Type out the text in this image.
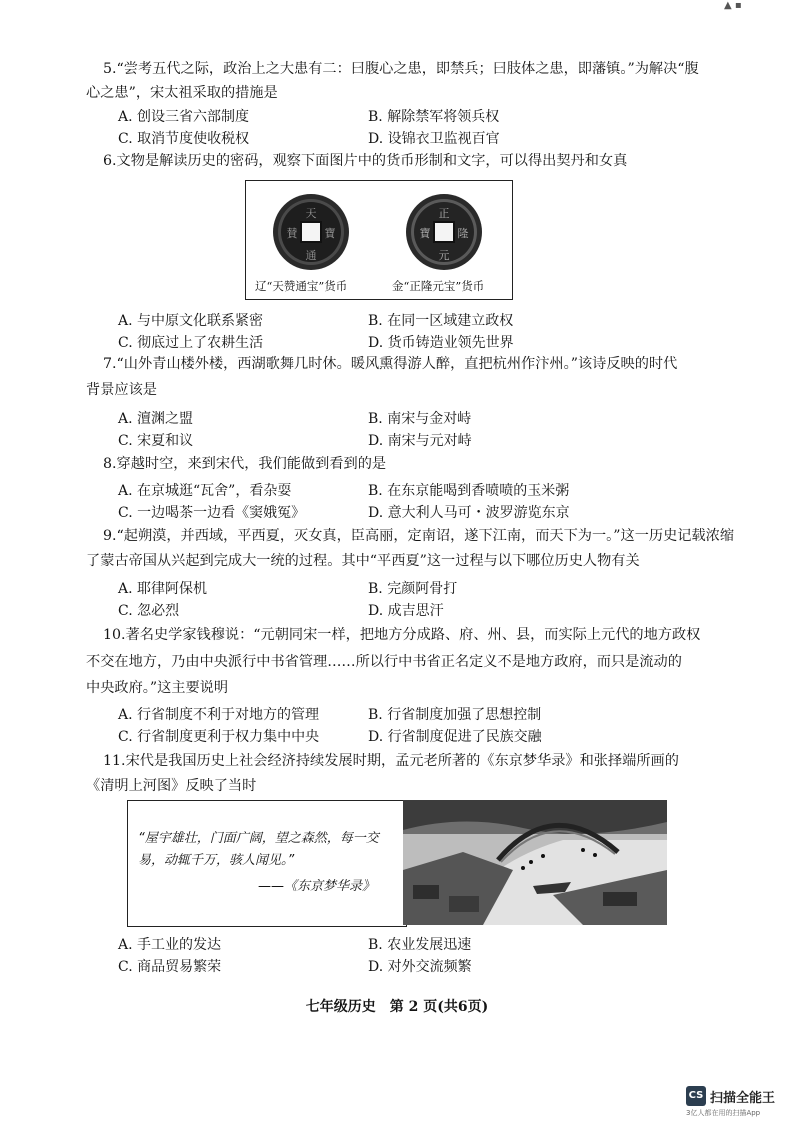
▲ ▪
5.“尝考五代之际，政治上之大患有二：曰腹心之患，即禁兵；曰肢体之患，即藩镇。”为解决“腹
心之患”，宋太祖采取的措施是
A. 创设三省六部制度	B. 解除禁军将领兵权
C. 取消节度使收税权	D. 设锦衣卫监视百官
6.文物是解读历史的密码，观察下面图片中的货币形制和文字，可以得出契丹和女真
天
通
賛 寶
正
元
寶 隆
辽“天赞通宝”货币	金“正隆元宝”货币
A. 与中原文化联系紧密	B. 在同一区域建立政权
C. 彻底过上了农耕生活	D. 货币铸造业领先世界
7.“山外青山楼外楼，西湖歌舞几时休。暖风熏得游人醉，直把杭州作汴州。”该诗反映的时代
背景应该是
A. 澶渊之盟	B. 南宋与金对峙
C. 宋夏和议	D. 南宋与元对峙
8.穿越时空，来到宋代，我们能做到看到的是
A. 在京城逛“瓦舍”，看杂耍	B. 在东京能喝到香喷喷的玉米粥
C. 一边喝茶一边看《窦娥冤》	D. 意大利人马可・波罗游览东京
9.“起朔漠，并西域，平西夏，灭女真，臣高丽，定南诏，遂下江南，而天下为一。”这一历史记载浓缩
了蒙古帝国从兴起到完成大一统的过程。其中“平西夏”这一过程与以下哪位历史人物有关
A. 耶律阿保机	B. 完颜阿骨打
C. 忽必烈	D. 成吉思汗
10.著名史学家钱穆说：“元朝同宋一样，把地方分成路、府、州、县，而实际上元代的地方政权
不交在地方，乃由中央派行中书省管理……所以行中书省正名定义不是地方政府，而只是流动的
中央政府。”这主要说明
A. 行省制度不利于对地方的管理	B. 行省制度加强了思想控制
C. 行省制度更利于权力集中中央	D. 行省制度促进了民族交融
11.宋代是我国历史上社会经济持续发展时期，孟元老所著的《东京梦华录》和张择端所画的
《清明上河图》反映了当时
“屋宇雄壮，门面广阔，望之森然，每一交
易，动辄千万，骇人闻见。”
——《东京梦华录》
A. 手工业的发达	B. 农业发展迅速
C. 商品贸易繁荣	D. 对外交流频繁
七年级历史　第 2 页(共6页)
CS 扫描全能王
3亿人都在用的扫描App
